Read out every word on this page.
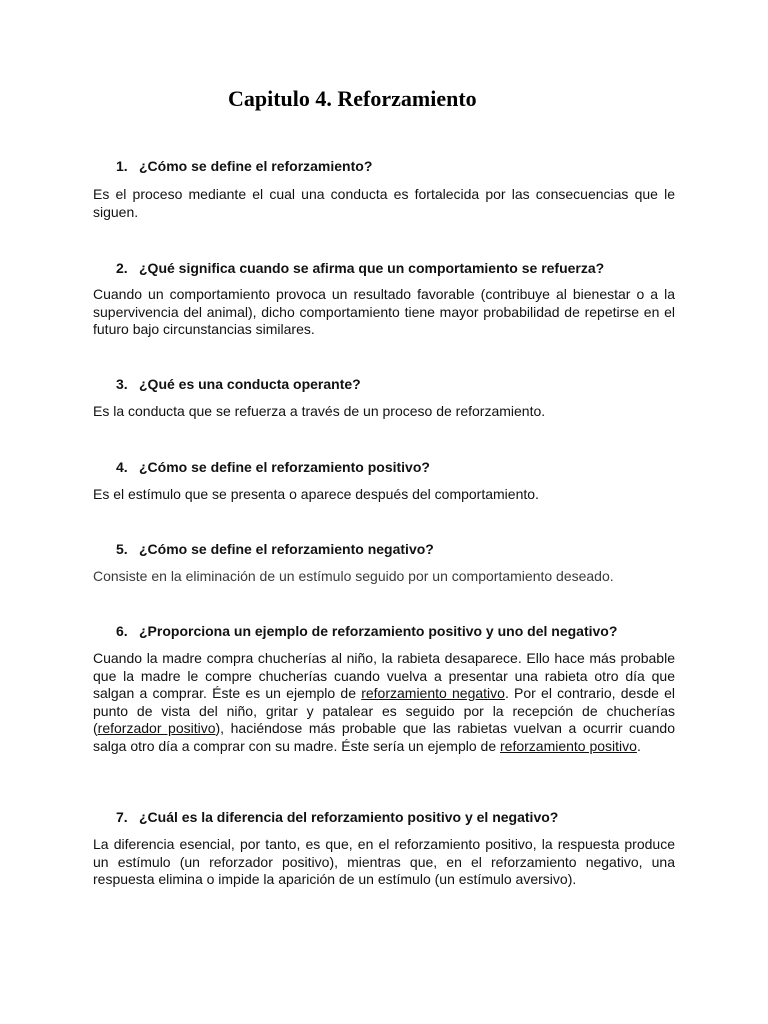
Capitulo 4. Reforzamiento

1. ¿Cómo se define el reforzamiento?

Es el proceso mediante el cual una conducta es fortalecida por las consecuencias que le siguen.

2. ¿Qué significa cuando se afirma que un comportamiento se refuerza?

Cuando un comportamiento provoca un resultado favorable (contribuye al bienestar o a la supervivencia del animal), dicho comportamiento tiene mayor probabilidad de repetirse en el futuro bajo circunstancias similares.

3. ¿Qué es una conducta operante?

Es la conducta que se refuerza a través de un proceso de reforzamiento.

4. ¿Cómo se define el reforzamiento positivo?

Es el estímulo que se presenta o aparece después del comportamiento.

5. ¿Cómo se define el reforzamiento negativo?

Consiste en la eliminación de un estímulo seguido por un comportamiento deseado.

6. ¿Proporciona un ejemplo de reforzamiento positivo y uno del negativo?

Cuando la madre compra chucherías al niño, la rabieta desaparece. Ello hace más probable que la madre le compre chucherías cuando vuelva a presentar una rabieta otro día que salgan a comprar. Éste es un ejemplo de reforzamiento negativo. Por el contrario, desde el punto de vista del niño, gritar y patalear es seguido por la recepción de chucherías (reforzador positivo), haciéndose más probable que las rabietas vuelvan a ocurrir cuando salga otro día a comprar con su madre. Éste sería un ejemplo de reforzamiento positivo.

7. ¿Cuál es la diferencia del reforzamiento positivo y el negativo?

La diferencia esencial, por tanto, es que, en el reforzamiento positivo, la respuesta produce un estímulo (un reforzador positivo), mientras que, en el reforzamiento negativo, una respuesta elimina o impide la aparición de un estímulo (un estímulo aversivo).
